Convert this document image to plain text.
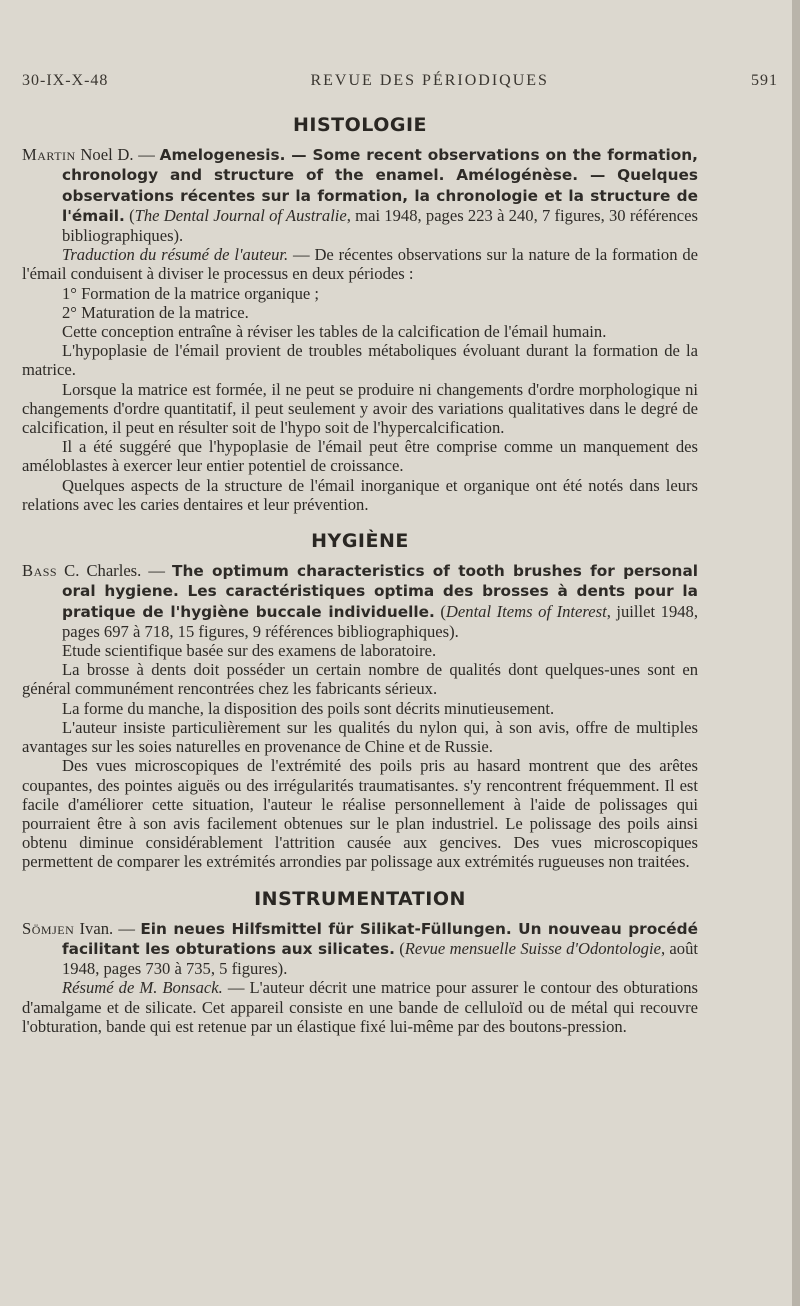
30-IX-X-48	REVUE DES PÉRIODIQUES	591
HISTOLOGIE

Martin Noel D. — Amelogenesis. — Some recent observations on the formation, chronology and structure of the enamel. Amélogénèse. — Quelques observations récentes sur la formation, la chronologie et la structure de l'émail. (The Dental Journal of Australie, mai 1948, pages 223 à 240, 7 figures, 30 références bibliographiques).

Traduction du résumé de l'auteur. — De récentes observations sur la nature de la formation de l'émail conduisent à diviser le processus en deux périodes :

1° Formation de la matrice organique ;

2° Maturation de la matrice.

Cette conception entraîne à réviser les tables de la calcification de l'émail humain.

L'hypoplasie de l'émail provient de troubles métaboliques évoluant durant la formation de la matrice.

Lorsque la matrice est formée, il ne peut se produire ni changements d'ordre morphologique ni changements d'ordre quantitatif, il peut seulement y avoir des variations qualitatives dans le degré de calcification, il peut en résulter soit de l'hypo soit de l'hypercalcification.

Il a été suggéré que l'hypoplasie de l'émail peut être comprise comme un manquement des améloblastes à exercer leur entier potentiel de croissance.

Quelques aspects de la structure de l'émail inorganique et organique ont été notés dans leurs relations avec les caries dentaires et leur prévention.

HYGIÈNE

Bass C. Charles. — The optimum characteristics of tooth brushes for personal oral hygiene. Les caractéristiques optima des brosses à dents pour la pratique de l'hygiène buccale individuelle. (Dental Items of Interest, juillet 1948, pages 697 à 718, 15 figures, 9 références bibliographiques).

Etude scientifique basée sur des examens de laboratoire.

La brosse à dents doit posséder un certain nombre de qualités dont quelques-unes sont en général communément rencontrées chez les fabricants sérieux.

La forme du manche, la disposition des poils sont décrits minutieusement.

L'auteur insiste particulièrement sur les qualités du nylon qui, à son avis, offre de multiples avantages sur les soies naturelles en provenance de Chine et de Russie.

Des vues microscopiques de l'extrémité des poils pris au hasard montrent que des arêtes coupantes, des pointes aiguës ou des irrégularités traumatisantes. s'y rencontrent fréquemment. Il est facile d'améliorer cette situation, l'auteur le réalise personnellement à l'aide de polissages qui pourraient être à son avis facilement obtenues sur le plan industriel. Le polissage des poils ainsi obtenu diminue considérablement l'attrition causée aux gencives. Des vues microscopiques permettent de comparer les extrémités arrondies par polissage aux extrémités rugueuses non traitées.

INSTRUMENTATION

Sömjen Ivan. — Ein neues Hilfsmittel für Silikat-Füllungen. Un nouveau procédé facilitant les obturations aux silicates. (Revue mensuelle Suisse d'Odontologie, août 1948, pages 730 à 735, 5 figures).

Résumé de M. Bonsack. — L'auteur décrit une matrice pour assurer le contour des obturations d'amalgame et de silicate. Cet appareil consiste en une bande de celluloïd ou de métal qui recouvre l'obturation, bande qui est retenue par un élastique fixé lui-même par des boutons-pression.
